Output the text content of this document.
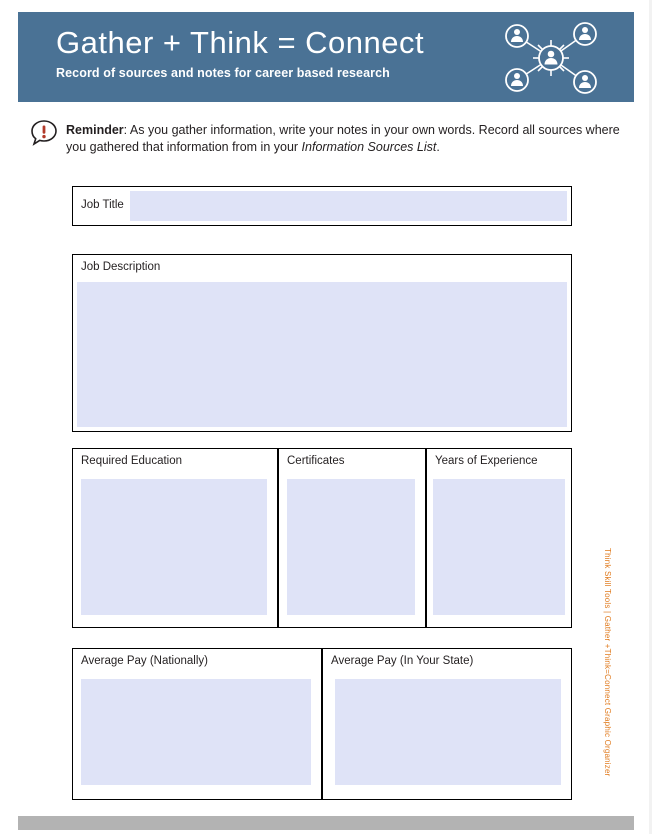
Gather + Think = Connect
Record of sources and notes for career based research
Reminder: As you gather information, write your notes in your own words. Record all sources where you gathered that information from in your Information Sources List.
Job Title
Job Description
Required Education	Certificates	Years of Experience
Average Pay (Nationally)	Average Pay (In Your State)	Think Skill Tools | Gather +Think=Connect Graphic Organizer
